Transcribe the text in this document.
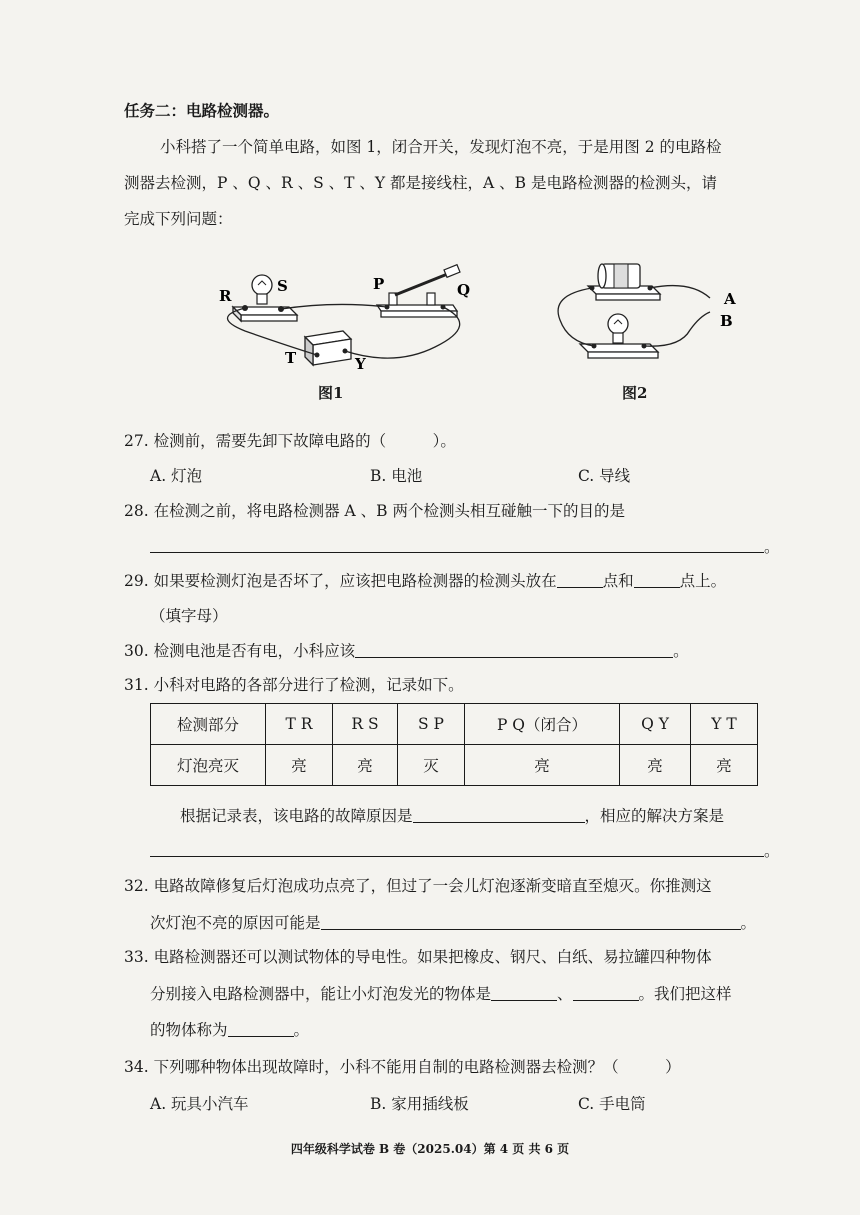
任务二：电路检测器。
小科搭了一个简单电路，如图 1，闭合开关，发现灯泡不亮，于是用图 2 的电路检
测器去检测，P 、Q 、R 、S 、T 、Y 都是接线柱，A 、B 是电路检测器的检测头，请
完成下列问题：
R
S	P	Q
T	Y
图1
A
B
图2
27. 检测前，需要先卸下故障电路的（　　　）。
A. 灯泡	B. 电池	C. 导线
28. 在检测之前，将电路检测器 A 、B 两个检测头相互碰触一下的目的是
。
29. 如果要检测灯泡是否坏了，应该把电路检测器的检测头放在	点和	点上。
（填字母）
30. 检测电池是否有电，小科应该	。
31. 小科对电路的各部分进行了检测，记录如下。
检测部分	T R	R S	S P	P Q（闭合）	Q Y	Y T
灯泡亮灭	亮	亮	灭	亮	亮	亮
根据记录表，该电路的故障原因是	，相应的解决方案是
。
32. 电路故障修复后灯泡成功点亮了，但过了一会儿灯泡逐渐变暗直至熄灭。你推测这
次灯泡不亮的原因可能是	。
33. 电路检测器还可以测试物体的导电性。如果把橡皮、钢尺、白纸、易拉罐四种物体
分别接入电路检测器中，能让小灯泡发光的物体是	、	。我们把这样
的物体称为	。
34. 下列哪种物体出现故障时，小科不能用自制的电路检测器去检测？（　　　）
A. 玩具小汽车	B. 家用插线板	C. 手电筒
四年级科学试卷 B 卷（2025.04）第 4 页 共 6 页
